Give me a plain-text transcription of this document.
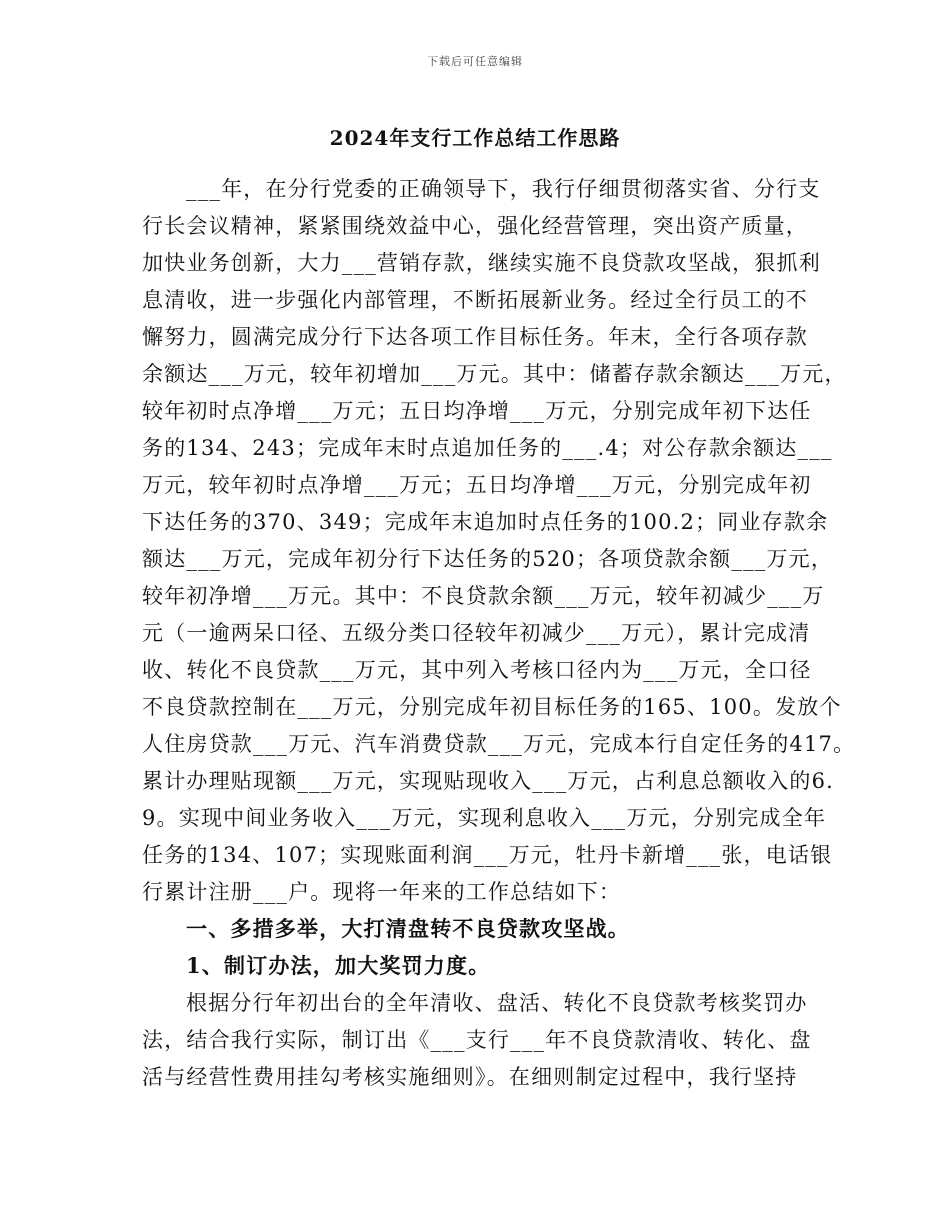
下载后可任意编辑
2024年支行工作总结工作思路
___年，在分行党委的正确领导下，我行仔细贯彻落实省、分行支
行长会议精神，紧紧围绕效益中心，强化经营管理，突出资产质量，
加快业务创新，大力___营销存款，继续实施不良贷款攻坚战，狠抓利
息清收，进一步强化内部管理，不断拓展新业务。经过全行员工的不
懈努力，圆满完成分行下达各项工作目标任务。年末，全行各项存款
余额达___万元，较年初增加___万元。其中：储蓄存款余额达___万元，
较年初时点净增___万元；五日均净增___万元，分别完成年初下达任
务的134、243；完成年末时点追加任务的___.4；对公存款余额达___
万元，较年初时点净增___万元；五日均净增___万元，分别完成年初
下达任务的370、349；完成年末追加时点任务的100.2；同业存款余
额达___万元，完成年初分行下达任务的520；各项贷款余额___万元，
较年初净增___万元。其中：不良贷款余额___万元，较年初减少___万
元（一逾两呆口径、五级分类口径较年初减少___万元），累计完成清
收、转化不良贷款___万元，其中列入考核口径内为___万元，全口径
不良贷款控制在___万元，分别完成年初目标任务的165、100。发放个
人住房贷款___万元、汽车消费贷款___万元，完成本行自定任务的417。
累计办理贴现额___万元，实现贴现收入___万元，占利息总额收入的6.
9。实现中间业务收入___万元，实现利息收入___万元，分别完成全年
任务的134、107；实现账面利润___万元，牡丹卡新增___张，电话银
行累计注册___户。现将一年来的工作总结如下：
一、多措多举，大打清盘转不良贷款攻坚战。
1、制订办法，加大奖罚力度。
根据分行年初出台的全年清收、盘活、转化不良贷款考核奖罚办
法，结合我行实际，制订出《___支行___年不良贷款清收、转化、盘
活与经营性费用挂勾考核实施细则》。在细则制定过程中，我行坚持
